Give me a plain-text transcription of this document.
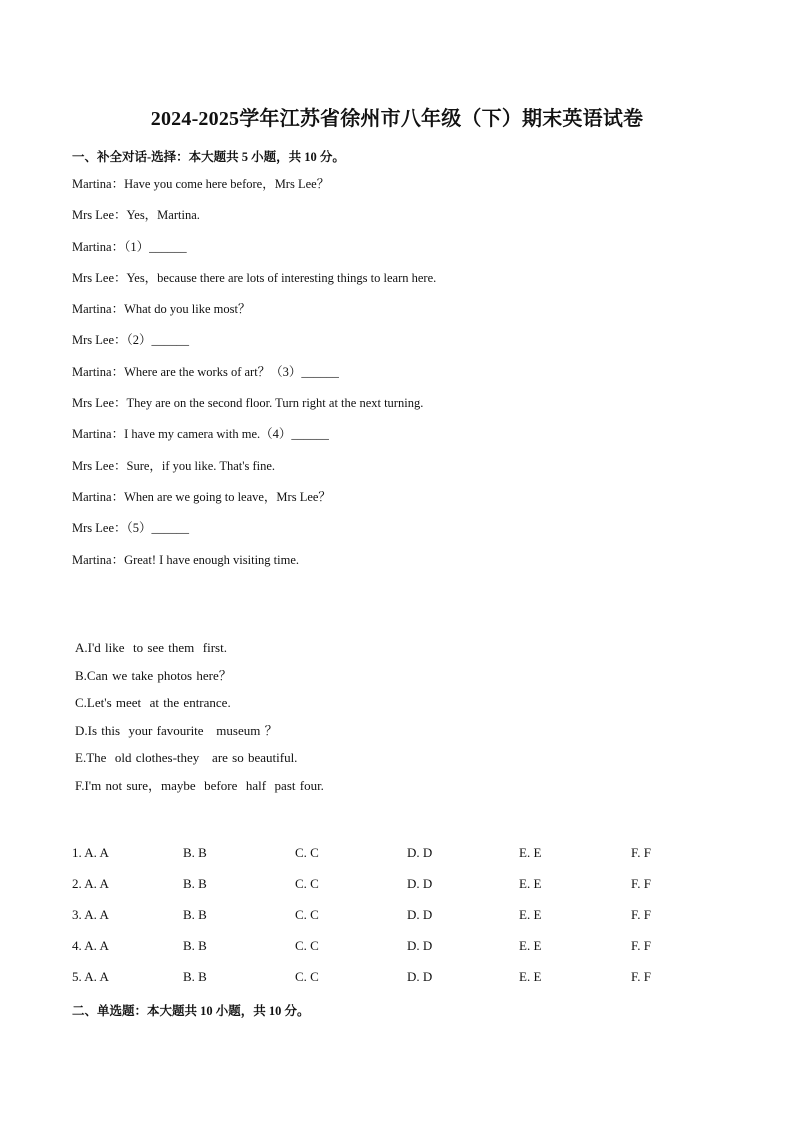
2024-2025学年江苏省徐州市八年级（下）期末英语试卷
一、补全对话-选择：本大题共 5 小题，共 10 分。
Martina：Have you come here before，Mrs Lee？
Mrs Lee：Yes，Martina.
Martina：（1）______
Mrs Lee：Yes，because there are lots of interesting things to learn here.
Martina：What do you like most？
Mrs Lee：（2）______
Martina：Where are the works of art？（3）______
Mrs Lee：They are on the second floor. Turn right at the next turning.
Martina：I have my camera with me.（4）______
Mrs Lee：Sure，if you like. That's fine.
Martina：When are we going to leave，Mrs Lee？
Mrs Lee：（5）______
Martina：Great! I have enough visiting time.
A.I'd like  to see them  first.
B.Can we take photos here？
C.Let's meet  at the entrance.
D.Is this  your favourite   museum ？
E.The  old clothes-they   are so beautiful.
F.I'm not sure，maybe  before  half  past four.
1. A. A	B. B	C. C	D. D	E. E	F. F
2. A. A	B. B	C. C	D. D	E. E	F. F
3. A. A	B. B	C. C	D. D	E. E	F. F
4. A. A	B. B	C. C	D. D	E. E	F. F
5. A. A	B. B	C. C	D. D	E. E	F. F
二、单选题：本大题共 10 小题，共 10 分。
